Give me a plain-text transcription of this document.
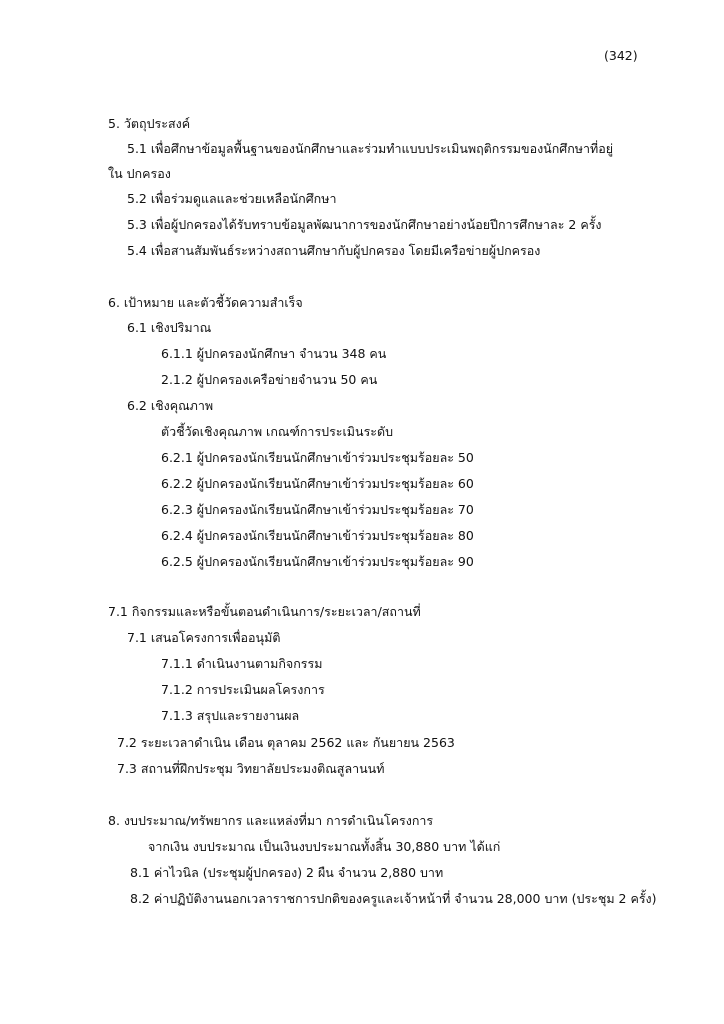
(342)
5. วัตถุประสงค์
5.1 เพื่อศึกษาข้อมูลพื้นฐานของนักศึกษาและร่วมทำแบบประเมินพฤติกรรมของนักศึกษาที่อยู่
ใน ปกครอง
5.2 เพื่อร่วมดูแลและช่วยเหลือนักศึกษา
5.3 เพื่อผู้ปกครองได้รับทราบข้อมูลพัฒนาการของนักศึกษาอย่างน้อยปีการศึกษาละ 2 ครั้ง
5.4 เพื่อสานสัมพันธ์ระหว่างสถานศึกษากับผู้ปกครอง โดยมีเครือข่ายผู้ปกครอง
6. เป้าหมาย และตัวชี้วัดความสำเร็จ
6.1 เชิงปริมาณ
6.1.1 ผู้ปกครองนักศึกษา จำนวน 348 คน
2.1.2 ผู้ปกครองเครือข่ายจำนวน 50 คน
6.2 เชิงคุณภาพ
ตัวชี้วัดเชิงคุณภาพ เกณฑ์การประเมินระดับ
6.2.1 ผู้ปกครองนักเรียนนักศึกษาเข้าร่วมประชุมร้อยละ 50
6.2.2 ผู้ปกครองนักเรียนนักศึกษาเข้าร่วมประชุมร้อยละ 60
6.2.3 ผู้ปกครองนักเรียนนักศึกษาเข้าร่วมประชุมร้อยละ 70
6.2.4 ผู้ปกครองนักเรียนนักศึกษาเข้าร่วมประชุมร้อยละ 80
6.2.5 ผู้ปกครองนักเรียนนักศึกษาเข้าร่วมประชุมร้อยละ 90
7.1 กิจกรรมและหรือขั้นตอนดำเนินการ/ระยะเวลา/สถานที่
7.1 เสนอโครงการเพื่ออนุมัติ
7.1.1 ดำเนินงานตามกิจกรรม
7.1.2 การประเมินผลโครงการ
7.1.3 สรุปและรายงานผล
7.2 ระยะเวลาดำเนิน เดือน ตุลาคม 2562 และ กันยายน 2563
7.3 สถานที่ฝึกประชุม วิทยาลัยประมงติณสูลานนท์
8. งบประมาณ/ทรัพยากร และแหล่งที่มา การดำเนินโครงการ
จากเงิน งบประมาณ เป็นเงินงบประมาณทั้งสิ้น 30,880 บาท ได้แก่
8.1 ค่าไวนิล (ประชุมผู้ปกครอง) 2 ผืน จำนวน 2,880 บาท
8.2 ค่าปฏิบัติงานนอกเวลาราชการปกติของครูและเจ้าหน้าที่ จำนวน 28,000 บาท (ประชุม 2 ครั้ง)
